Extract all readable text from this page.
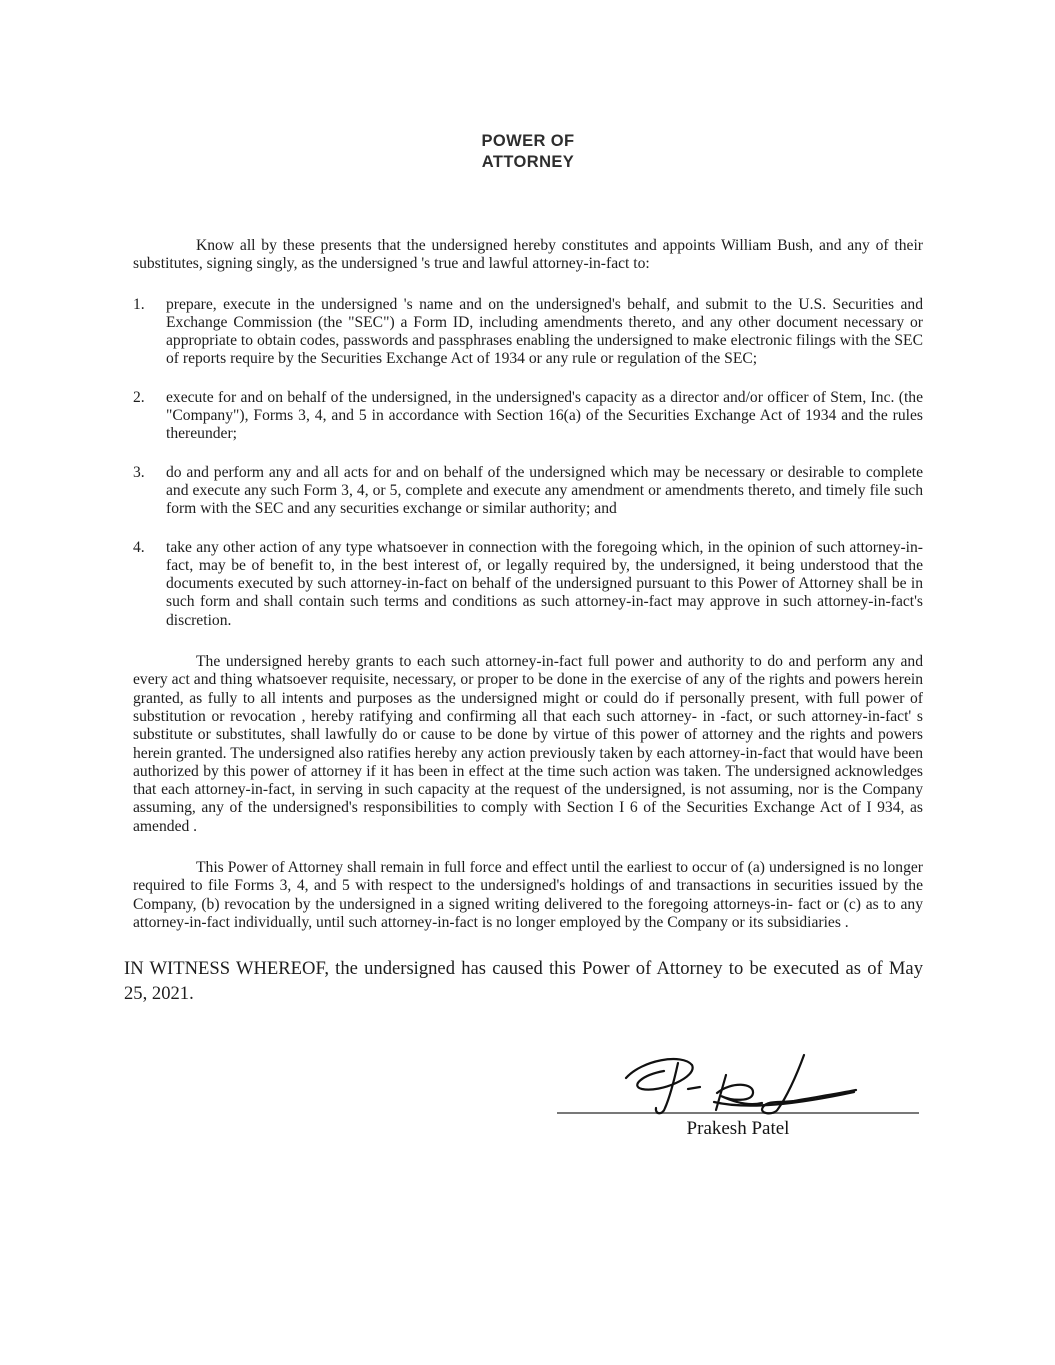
POWER OF
ATTORNEY

Know all by these presents that the undersigned hereby constitutes and appoints William Bush, and any of their substitutes, signing singly, as the undersigned 's true and lawful attorney-in-fact to:

1.	prepare, execute in the undersigned 's name and on the undersigned's behalf, and submit to the U.S. Securities and Exchange Commission (the "SEC") a Form ID, including amendments thereto, and any other document necessary or appropriate to obtain codes, passwords and passphrases enabling the undersigned to make electronic filings with the SEC of reports require by the Securities Exchange Act of 1934 or any rule or regulation of the SEC;
2.	execute for and on behalf of the undersigned, in the undersigned's capacity as a director and/or officer of Stem, Inc. (the "Company"), Forms 3, 4, and 5 in accordance with Section 16(a) of the Securities Exchange Act of 1934 and the rules thereunder;
3.	do and perform any and all acts for and on behalf of the undersigned which may be necessary or desirable to complete and execute any such Form 3, 4, or 5, complete and execute any amendment or amendments thereto, and timely file such form with the SEC and any securities exchange or similar authority; and
4.	take any other action of any type whatsoever in connection with the foregoing which, in the opinion of such attorney-in-fact, may be of benefit to, in the best interest of, or legally required by, the undersigned, it being understood that the documents executed by such attorney-in-fact on behalf of the undersigned pursuant to this Power of Attorney shall be in such form and shall contain such terms and conditions as such attorney-in-fact may approve in such attorney-in-fact's discretion.

The undersigned hereby grants to each such attorney-in-fact full power and authority to do and perform any and every act and thing whatsoever requisite, necessary, or proper to be done in the exercise of any of the rights and powers herein granted, as fully to all intents and purposes as the undersigned might or could do if personally present, with full power of substitution or revocation , hereby ratifying and confirming all that each such attorney- in -fact, or such attorney-in-fact' s substitute or substitutes, shall lawfully do or cause to be done by virtue of this power of attorney and the rights and powers herein granted. The undersigned also ratifies hereby any action previously taken by each attorney-in-fact that would have been authorized by this power of attorney if it has been in effect at the time such action was taken. The undersigned acknowledges that each attorney-in-fact, in serving in such capacity at the request of the undersigned, is not assuming, nor is the Company assuming, any of the undersigned's responsibilities to comply with Section I 6 of the Securities Exchange Act of I 934, as amended .

This Power of Attorney shall remain in full force and effect until the earliest to occur of (a) undersigned is no longer required to file Forms 3, 4, and 5 with respect to the undersigned's holdings of and transactions in securities issued by the Company, (b) revocation by the undersigned in a signed writing delivered to the foregoing attorneys-in- fact or (c) as to any attorney-in-fact individually, until such attorney-in-fact is no longer employed by the Company or its subsidiaries .

IN WITNESS WHEREOF, the undersigned has caused this Power of Attorney to be executed as of May 25, 2021.

Prakesh Patel
